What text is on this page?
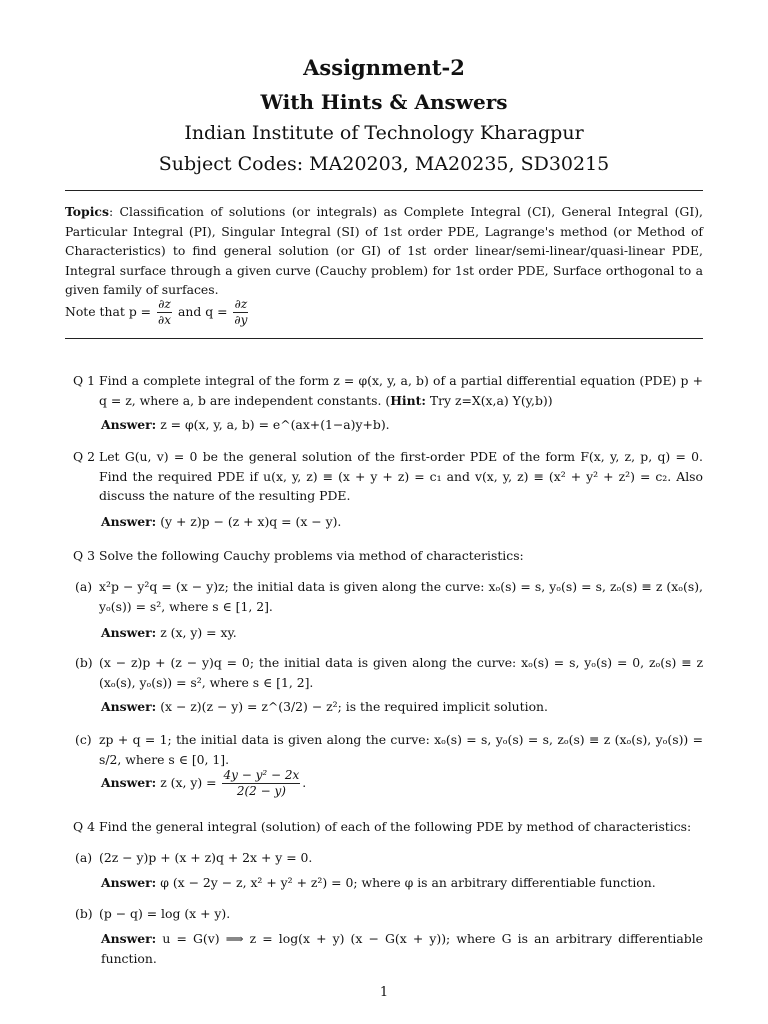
Assignment-2
With Hints & Answers
Indian Institute of Technology Kharagpur
Subject Codes: MA20203, MA20235, SD30215
Topics: Classification of solutions (or integrals) as Complete Integral (CI), General Integral (GI), Particular Integral (PI), Singular Integral (SI) of 1st order PDE, Lagrange's method (or Method of Characteristics) to find general solution (or GI) of 1st order linear/semi-linear/quasi-linear PDE, Integral surface through a given curve (Cauchy problem) for 1st order PDE, Surface orthogonal to a given family of surfaces.
Note that $p = \frac{\partial z}{\partial x}$ and $q = \frac{\partial z}{\partial y}$
Q 1 Find a complete integral of the form z = φ(x, y, a, b) of a partial differential equation (PDE) p + q = z, where a, b are independent constants. (Hint: Try z=X(x,a) Y(y,b))
Answer: z = φ(x, y, a, b) = e^(ax+(1−a)y+b).
Q 2 Let G(u, v) = 0 be the general solution of the first-order PDE of the form F(x, y, z, p, q) = 0. Find the required PDE if u(x, y, z) ≡ (x + y + z) = c₁ and v(x, y, z) ≡ (x² + y² + z²) = c₂. Also discuss the nature of the resulting PDE.
Answer: (y + z)p − (z + x)q = (x − y).
Q 3 Solve the following Cauchy problems via method of characteristics:
(a) x²p − y²q = (x − y)z; the initial data is given along the curve: xₒ(s) = s, yₒ(s) = s, zₒ(s) ≡ z (xₒ(s), yₒ(s)) = s², where s ∈ [1, 2].
Answer: z (x, y) = xy.
(b) (x − z)p + (z − y)q = 0; the initial data is given along the curve: xₒ(s) = s, yₒ(s) = 0, zₒ(s) ≡ z (xₒ(s), yₒ(s)) = s², where s ∈ [1, 2].
Answer: (x − z)(z − y) = z^(3/2) − z²; is the required implicit solution.
(c) zp + q = 1; the initial data is given along the curve: xₒ(s) = s, yₒ(s) = s, zₒ(s) ≡ z (xₒ(s), yₒ(s)) = s/2, where s ∈ [0, 1].
Answer: z (x, $y) = \frac{\text{4y − y² − 2x}}{2(2 - y)}$ .
Q 4 Find the general integral (solution) of each of the following PDE by method of characteristics:
(a) (2z − y)p + (x + z)q + 2x + y = 0.
Answer: φ (x − 2y − z, x² + y² + z²) = 0; where φ is an arbitrary differentiable function.
(b) (p − q) = log (x + y).
Answer: u = G(v) ⟹ z = log(x + y) (x − G(x + y)); where G is an arbitrary differentiable function.
1
